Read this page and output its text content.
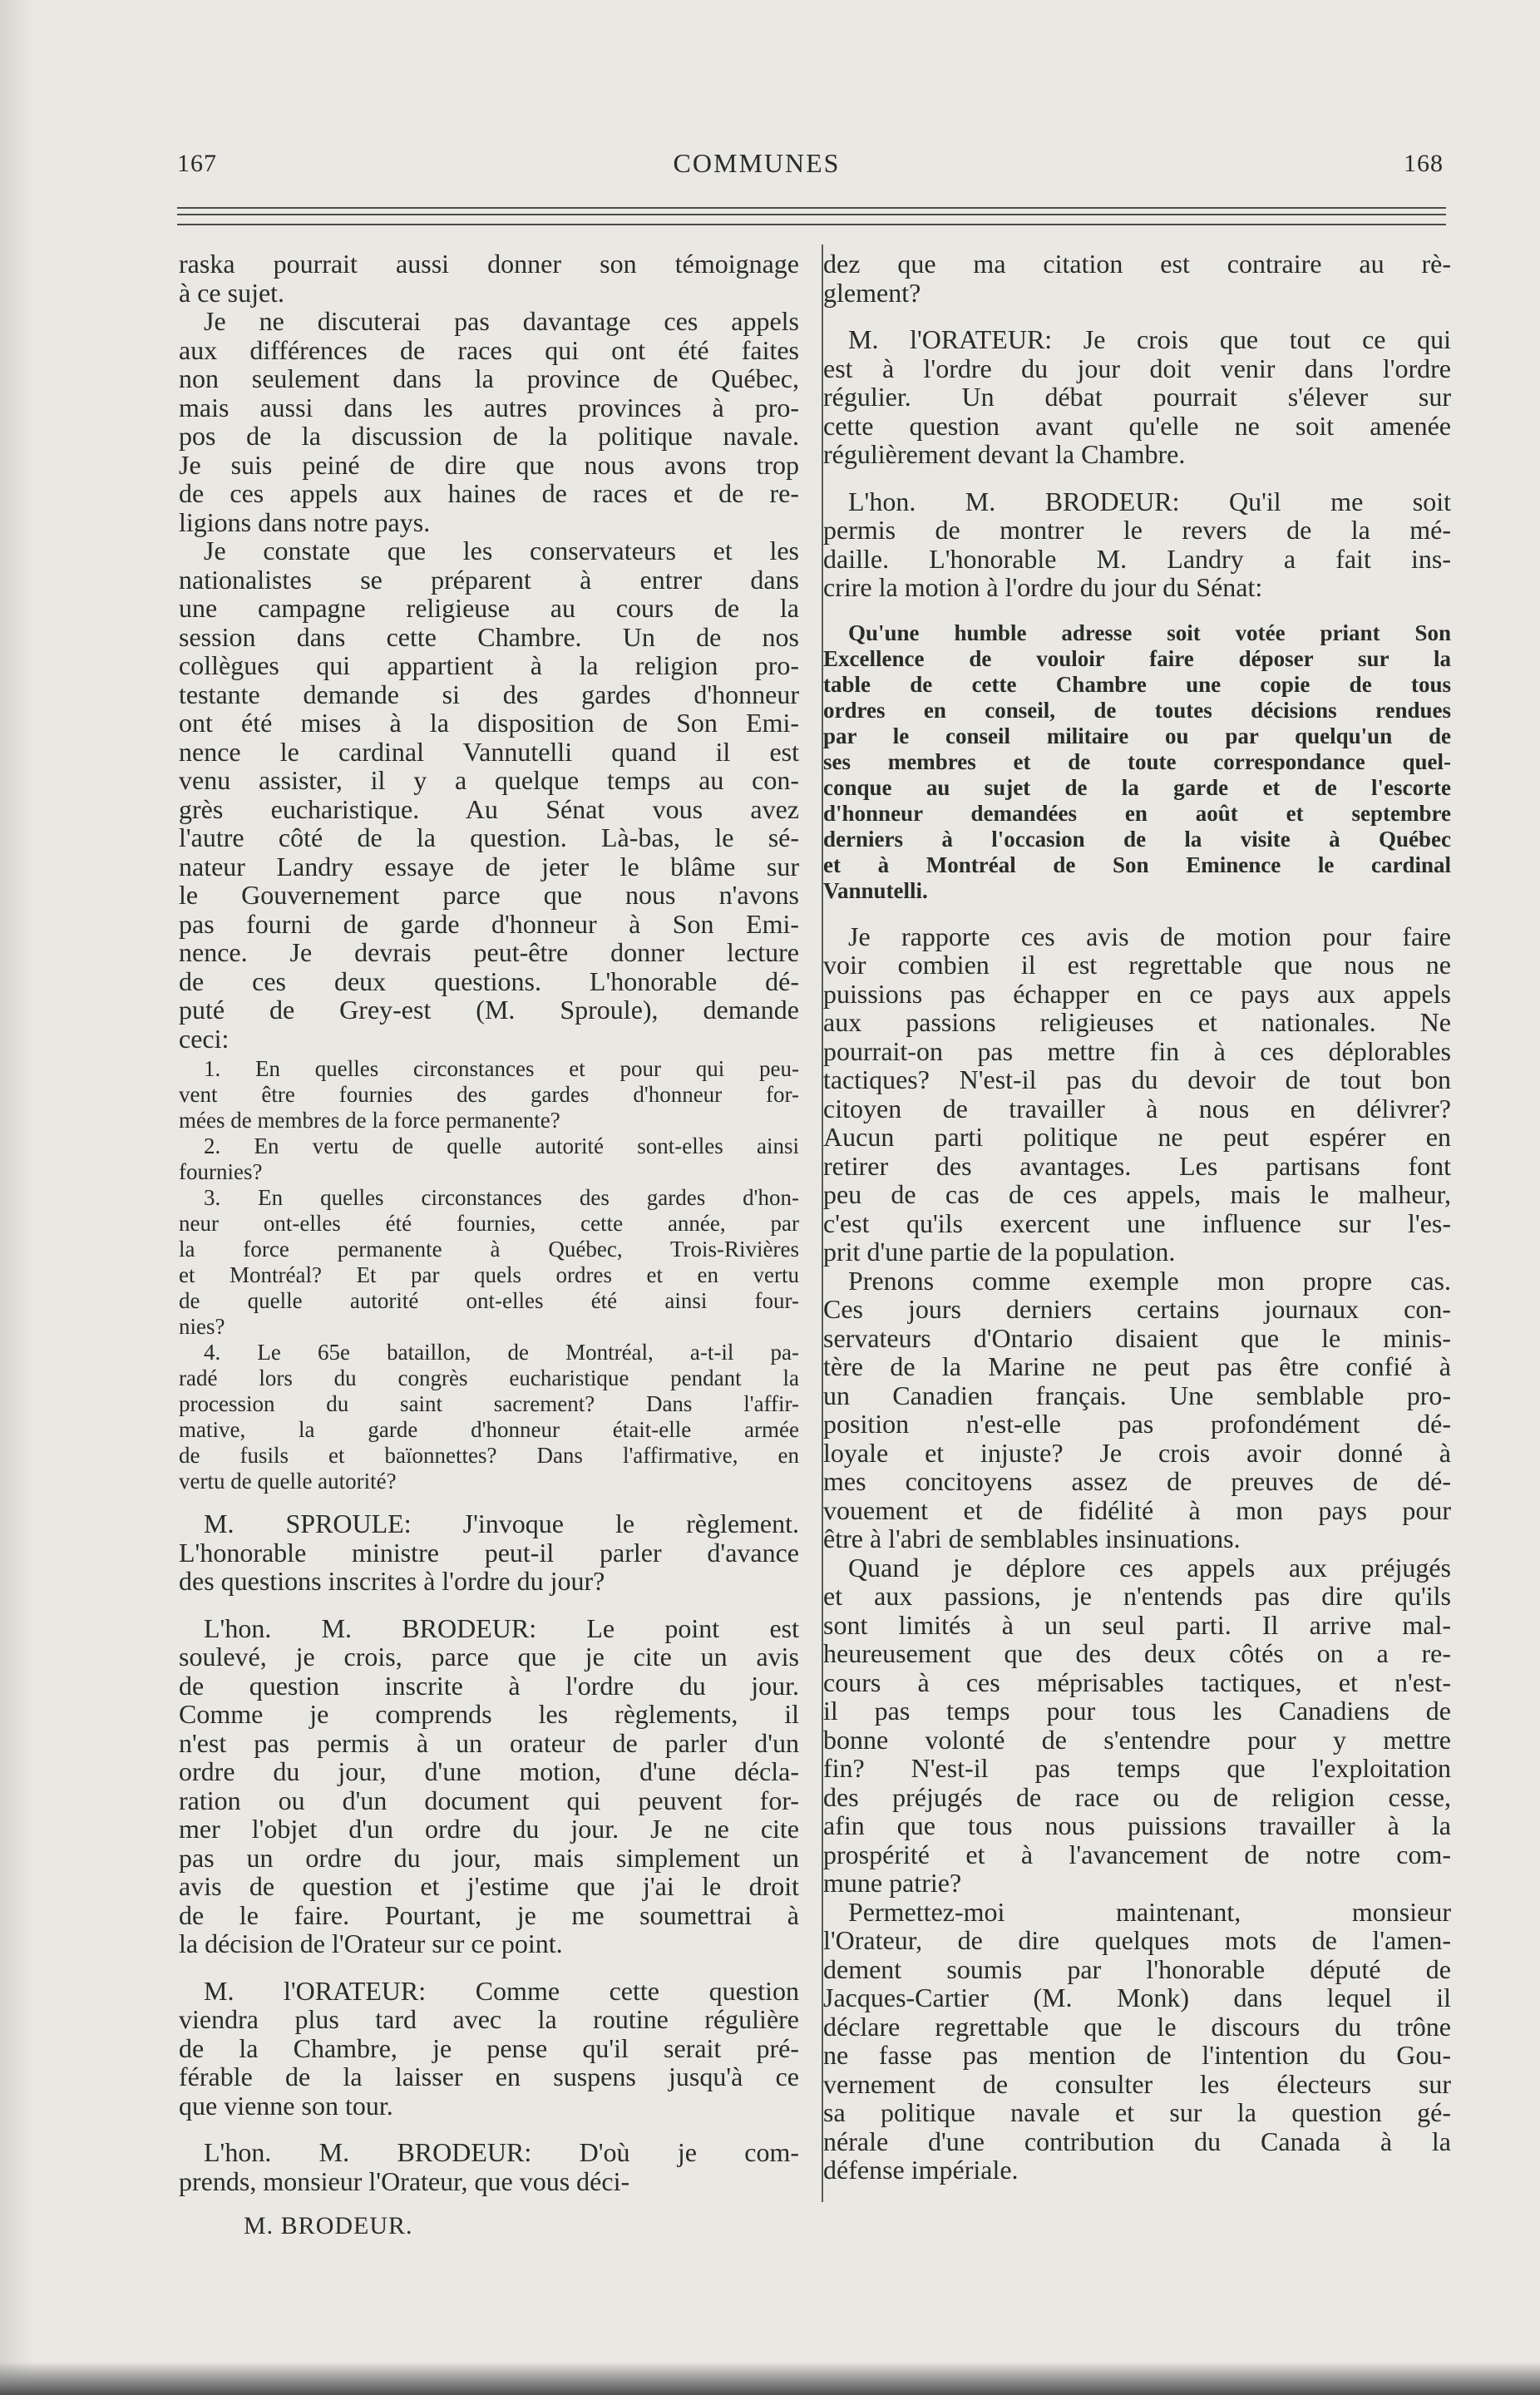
167	COMMUNES	168
raska pourrait aussi donner son témoignage
à ce sujet.
Je ne discuterai pas davantage ces appels
aux différences de races qui ont été faites
non seulement dans la province de Québec,
mais aussi dans les autres provinces à pro-
pos de la discussion de la politique navale.
Je suis peiné de dire que nous avons trop
de ces appels aux haines de races et de re-
ligions dans notre pays.
Je constate que les conservateurs et les
nationalistes se préparent à entrer dans
une campagne religieuse au cours de la
session dans cette Chambre. Un de nos
collègues qui appartient à la religion pro-
testante demande si des gardes d'honneur
ont été mises à la disposition de Son Emi-
nence le cardinal Vannutelli quand il est
venu assister, il y a quelque temps au con-
grès eucharistique. Au Sénat vous avez
l'autre côté de la question. Là-bas, le sé-
nateur Landry essaye de jeter le blâme sur
le Gouvernement parce que nous n'avons
pas fourni de garde d'honneur à Son Emi-
nence. Je devrais peut-être donner lecture
de ces deux questions. L'honorable dé-
puté de Grey-est (M. Sproule), demande
ceci:
1. En quelles circonstances et pour qui peu-
vent être fournies des gardes d'honneur for-
mées de membres de la force permanente?
2. En vertu de quelle autorité sont-elles ainsi
fournies?
3. En quelles circonstances des gardes d'hon-
neur ont-elles été fournies, cette année, par
la force permanente à Québec, Trois-Rivières
et Montréal? Et par quels ordres et en vertu
de quelle autorité ont-elles été ainsi four-
nies?
4. Le 65e bataillon, de Montréal, a-t-il pa-
radé lors du congrès eucharistique pendant la
procession du saint sacrement? Dans l'affir-
mative, la garde d'honneur était-elle armée
de fusils et baïonnettes? Dans l'affirmative, en
vertu de quelle autorité?
M. SPROULE: J'invoque le règlement.
L'honorable ministre peut-il parler d'avance
des questions inscrites à l'ordre du jour?
L'hon. M. BRODEUR: Le point est
soulevé, je crois, parce que je cite un avis
de question inscrite à l'ordre du jour.
Comme je comprends les règlements, il
n'est pas permis à un orateur de parler d'un
ordre du jour, d'une motion, d'une décla-
ration ou d'un document qui peuvent for-
mer l'objet d'un ordre du jour. Je ne cite
pas un ordre du jour, mais simplement un
avis de question et j'estime que j'ai le droit
de le faire. Pourtant, je me soumettrai à
la décision de l'Orateur sur ce point.
M. l'ORATEUR: Comme cette question
viendra plus tard avec la routine régulière
de la Chambre, je pense qu'il serait pré-
férable de la laisser en suspens jusqu'à ce
que vienne son tour.
L'hon. M. BRODEUR: D'où je com-
prends, monsieur l'Orateur, que vous déci-
dez que ma citation est contraire au rè-
glement?
M. l'ORATEUR: Je crois que tout ce qui
est à l'ordre du jour doit venir dans l'ordre
régulier. Un débat pourrait s'élever sur
cette question avant qu'elle ne soit amenée
régulièrement devant la Chambre.
L'hon. M. BRODEUR: Qu'il me soit
permis de montrer le revers de la mé-
daille. L'honorable M. Landry a fait ins-
crire la motion à l'ordre du jour du Sénat:
Qu'une humble adresse soit votée priant Son
Excellence de vouloir faire déposer sur la
table de cette Chambre une copie de tous
ordres en conseil, de toutes décisions rendues
par le conseil militaire ou par quelqu'un de
ses membres et de toute correspondance quel-
conque au sujet de la garde et de l'escorte
d'honneur demandées en août et septembre
derniers à l'occasion de la visite à Québec
et à Montréal de Son Eminence le cardinal
Vannutelli.
Je rapporte ces avis de motion pour faire
voir combien il est regrettable que nous ne
puissions pas échapper en ce pays aux appels
aux passions religieuses et nationales. Ne
pourrait-on pas mettre fin à ces déplorables
tactiques? N'est-il pas du devoir de tout bon
citoyen de travailler à nous en délivrer?
Aucun parti politique ne peut espérer en
retirer des avantages. Les partisans font
peu de cas de ces appels, mais le malheur,
c'est qu'ils exercent une influence sur l'es-
prit d'une partie de la population.
Prenons comme exemple mon propre cas.
Ces jours derniers certains journaux con-
servateurs d'Ontario disaient que le minis-
tère de la Marine ne peut pas être confié à
un Canadien français. Une semblable pro-
position n'est-elle pas profondément dé-
loyale et injuste? Je crois avoir donné à
mes concitoyens assez de preuves de dé-
vouement et de fidélité à mon pays pour
être à l'abri de semblables insinuations.
Quand je déplore ces appels aux préjugés
et aux passions, je n'entends pas dire qu'ils
sont limités à un seul parti. Il arrive mal-
heureusement que des deux côtés on a re-
cours à ces méprisables tactiques, et n'est-
il pas temps pour tous les Canadiens de
bonne volonté de s'entendre pour y mettre
fin? N'est-il pas temps que l'exploitation
des préjugés de race ou de religion cesse,
afin que tous nous puissions travailler à la
prospérité et à l'avancement de notre com-
mune patrie?
Permettez-moi maintenant, monsieur
l'Orateur, de dire quelques mots de l'amen-
dement soumis par l'honorable député de
Jacques-Cartier (M. Monk) dans lequel il
déclare regrettable que le discours du trône
ne fasse pas mention de l'intention du Gou-
vernement de consulter les électeurs sur
sa politique navale et sur la question gé-
nérale d'une contribution du Canada à la
défense impériale.
M. BRODEUR.
